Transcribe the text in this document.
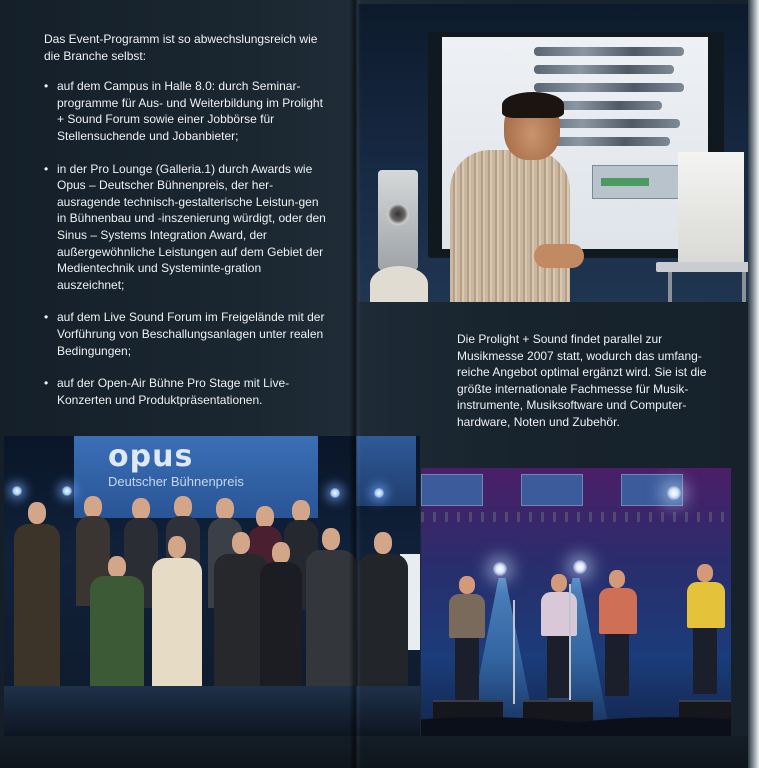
Das Event-Programm ist so abwechslungsreich wie die Branche selbst:

• auf dem Campus in Halle 8.0: durch Seminar-programme für Aus- und Weiterbildung im Prolight + Sound Forum sowie einer Jobbörse für Stellensuchende und Jobanbieter;
• in der Pro Lounge (Galleria.1) durch Awards wie Opus – Deutscher Bühnenpreis, der her-ausragende technisch-gestalterische Leistun-gen in Bühnenbau und -inszenierung würdigt, oder den Sinus – Systems Integration Award, der außergewöhnliche Leistungen auf dem Gebiet der Medientechnik und Systeminte-gration auszeichnet;
• auf dem Live Sound Forum im Freigelände mit der Vorführung von Beschallungsanlagen unter realen Bedingungen;
• auf der Open-Air Bühne Pro Stage mit Live-Konzerten und Produktpräsentationen.

Die Prolight + Sound findet parallel zur Musikmesse 2007 statt, wodurch das umfang-reiche Angebot optimal ergänzt wird. Sie ist die größte internationale Fachmesse für Musik-instrumente, Musiksoftware und Computer-hardware, Noten und Zubehör.

opus
Deutscher Bühnenpreis
